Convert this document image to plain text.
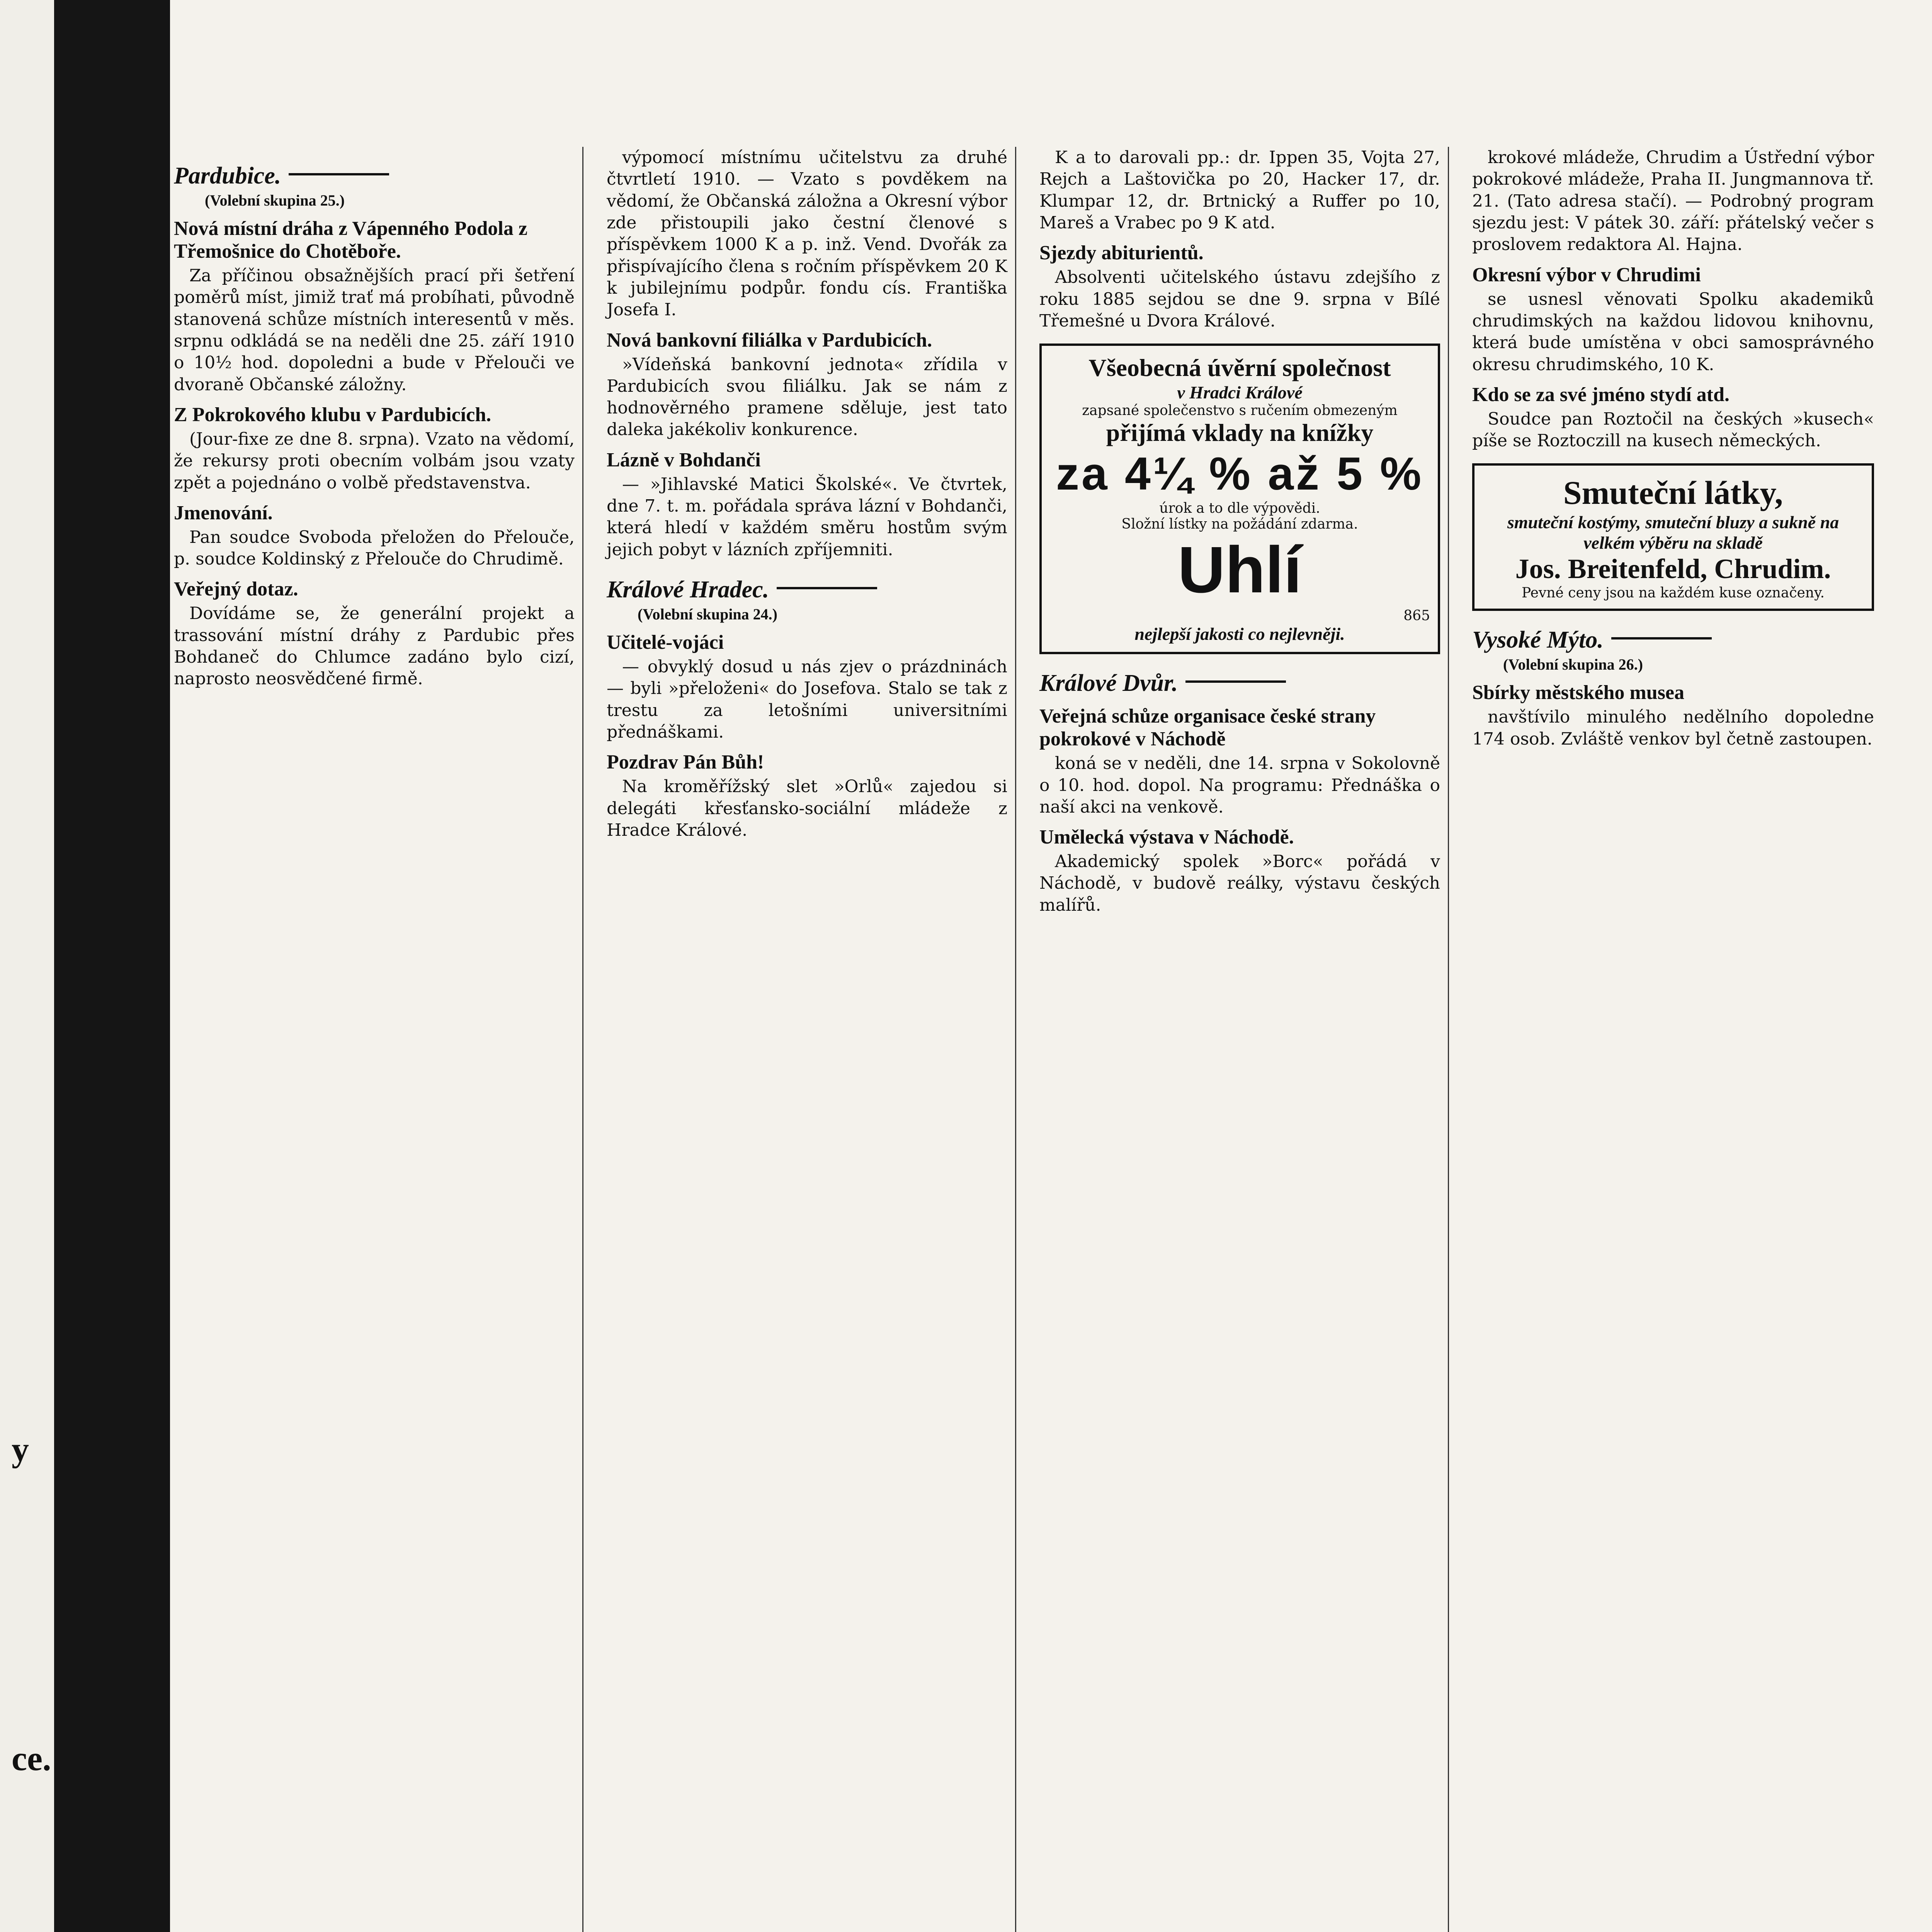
y
ce.
Pardubice.
(Volební skupina 25.)
Nová místní dráha z Vápenného Podola z Třemošnice do Chotěboře.

Za příčinou obsažnějších prací při šetření poměrů míst, jimiž trať má probíhati, původně stanovená schůze místních interesentů v měs. srpnu odkládá se na neděli dne 25. září 1910 o 10½ hod. dopoledni a bude v Přelouči ve dvoraně Občanské záložny.

Z Pokrokového klubu v Pardubicích.

(Jour-fixe ze dne 8. srpna). Vzato na vědomí, že rekursy proti obecním volbám jsou vzaty zpět a pojednáno o volbě představenstva.

Jmenování.

Pan soudce Svoboda přeložen do Přelouče, p. soudce Koldinský z Přelouče do Chrudimě.

Veřejný dotaz.

Dovídáme se, že generální projekt a trassování místní dráhy z Pardubic přes Bohdaneč do Chlumce zadáno bylo cizí, naprosto neosvědčené firmě.

výpomocí místnímu učitelstvu za druhé čtvrtletí 1910. — Vzato s povděkem na vědomí, že Občanská záložna a Okresní výbor zde přistoupili jako čestní členové s příspěvkem 1000 K a p. inž. Vend. Dvořák za přispívajícího člena s ročním příspěvkem 20 K k jubilejnímu podpůr. fondu cís. Františka Josefa I.

Nová bankovní filiálka v Pardubicích.

»Vídeňská bankovní jednota« zřídila v Pardubicích svou filiálku. Jak se nám z hodnověrného pramene sděluje, jest tato daleka jakékoliv konkurence.

Lázně v Bohdanči

— »Jihlavské Matici Školské«. Ve čtvrtek, dne 7. t. m. pořádala správa lázní v Bohdanči, která hledí v každém směru hostům svým jejich pobyt v lázních zpříjemniti.

Králové Hradec.
(Volební skupina 24.)
Učitelé-vojáci

— obvyklý dosud u nás zjev o prázdninách — byli »přeloženi« do Josefova. Stalo se tak z trestu za letošními universitními přednáškami.

Pozdrav Pán Bůh!

Na kroměřížský slet »Orlů« zajedou si delegáti křesťansko-sociální mládeže z Hradce Králové.

K a to darovali pp.: dr. Ippen 35, Vojta 27, Rejch a Laštovička po 20, Hacker 17, dr. Klumpar 12, dr. Brtnický a Ruffer po 10, Mareš a Vrabec po 9 K atd.

Sjezdy abiturientů.

Absolventi učitelského ústavu zdejšího z roku 1885 sejdou se dne 9. srpna v Bílé Třemešné u Dvora Králové.

Všeobecná úvěrní společnost
v Hradci Králové
zapsané společenstvo s ručením obmezeným
přijímá vklady na knížky
za 4¼ % až 5 %
úrok a to dle výpovědi.
Složní lístky na požádání zdarma.
Uhlí
865
nejlepší jakosti co nejlevněji.
Králové Dvůr.
Veřejná schůze organisace české strany pokrokové v Náchodě

koná se v neděli, dne 14. srpna v Sokolovně o 10. hod. dopol. Na programu: Přednáška o naší akci na venkově.

Umělecká výstava v Náchodě.

Akademický spolek »Borc« pořádá v Náchodě, v budově reálky, výstavu českých malířů.

krokové mládeže, Chrudim a Ústřední výbor pokrokové mládeže, Praha II. Jungmannova tř. 21. (Tato adresa stačí). — Podrobný program sjezdu jest: V pátek 30. září: přátelský večer s proslovem redaktora Al. Hajna.

Okresní výbor v Chrudimi

se usnesl věnovati Spolku akademiků chrudimských na každou lidovou knihovnu, která bude umístěna v obci samosprávného okresu chrudimského, 10 K.

Kdo se za své jméno stydí atd.

Soudce pan Roztočil na českých »kusech« píše se Roztoczill na kusech německých.

Smuteční látky,
smuteční kostýmy, smuteční bluzy a sukně na velkém výběru na skladě
Jos. Breitenfeld, Chrudim.
Pevné ceny jsou na každém kuse označeny.
Vysoké Mýto.
(Volební skupina 26.)
Sbírky městského musea

navštívilo minulého nedělního dopoledne 174 osob. Zvláště venkov byl četně zastoupen.
